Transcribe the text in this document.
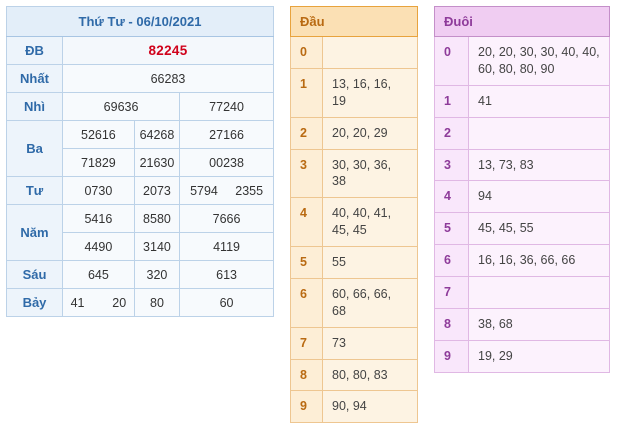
Thứ Tư - 06/10/2021			
ĐB	82245		
Nhất	66283		
Nhì	69636		77240
Ba	52616	64268	27166
	71829	21630	00238
Tư	0730	2073	5794 2355
Năm	5416	8580	7666
	4490	3140	4119
Sáu	645	320	613
Bảy	41 20	80	60
Đầu	
0	
1	13, 16, 16, 19
2	20, 20, 29
3	30, 30, 36, 38
4	40, 40, 41, 45, 45
5	55
6	60, 66, 66, 68
7	73
8	80, 80, 83
9	90, 94
Đuôi	
0	20, 20, 30, 30, 40, 40, 60, 80, 80, 90
1	41
2	
3	13, 73, 83
4	94
5	45, 45, 55
6	16, 16, 36, 66, 66
7	
8	38, 68
9	19, 29
